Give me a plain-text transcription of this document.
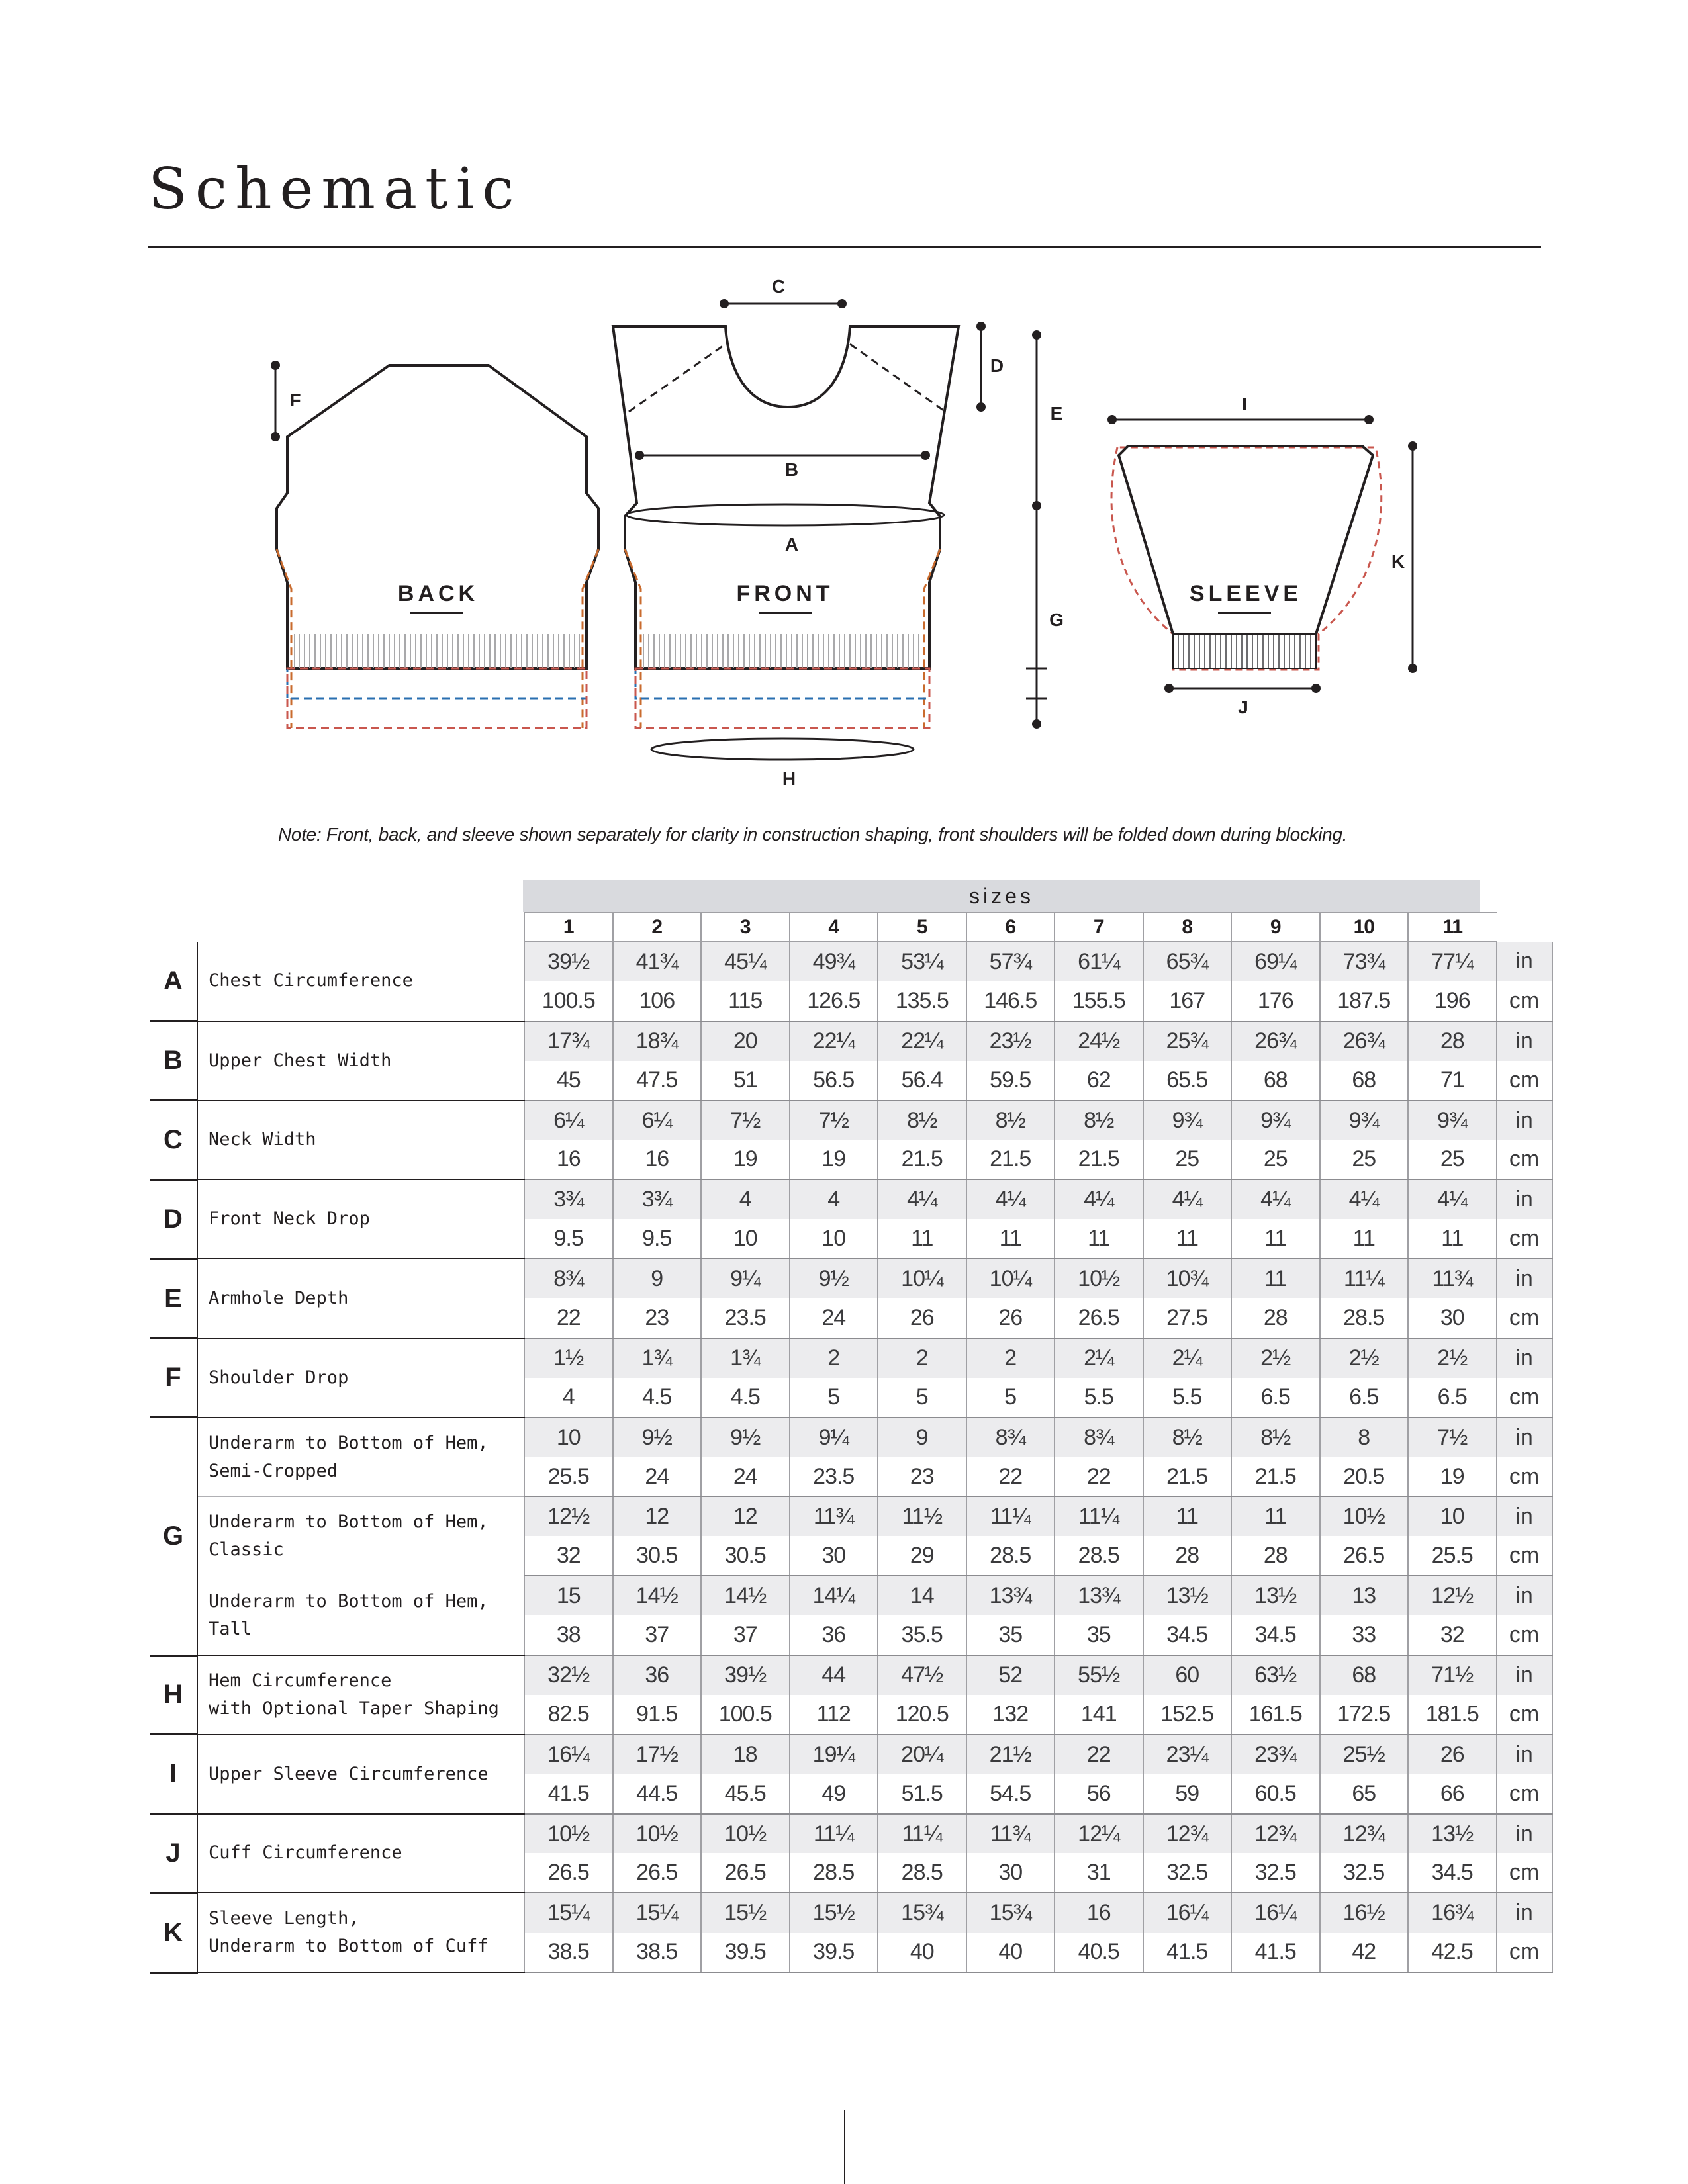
Schematic
BACK
F
FRONT
C
D
B
A
H
E
G
SLEEVE
I
J
K
Note: Front, back, and sleeve shown separately for clarity in construction shaping, front shoulders will be folded down during blocking.
sizes
		1	2	3	4	5	6	7	8	9	10	11	
A	Chest Circumference	39½	41¾	45¼	49¾	53¼	57¾	61¼	65¾	69¼	73¾	77¼	in
		100.5	106	115	126.5	135.5	146.5	155.5	167	176	187.5	196	cm
B	Upper Chest Width	17¾	18¾	20	22¼	22¼	23½	24½	25¾	26¾	26¾	28	in
		45	47.5	51	56.5	56.4	59.5	62	65.5	68	68	71	cm
C	Neck Width	6¼	6¼	7½	7½	8½	8½	8½	9¾	9¾	9¾	9¾	in
		16	16	19	19	21.5	21.5	21.5	25	25	25	25	cm
D	Front Neck Drop	3¾	3¾	4	4	4¼	4¼	4¼	4¼	4¼	4¼	4¼	in
		9.5	9.5	10	10	11	11	11	11	11	11	11	cm
E	Armhole Depth	8¾	9	9¼	9½	10¼	10¼	10½	10¾	11	11¼	11¾	in
		22	23	23.5	24	26	26	26.5	27.5	28	28.5	30	cm
F	Shoulder Drop	1½	1¾	1¾	2	2	2	2¼	2¼	2½	2½	2½	in
		4	4.5	4.5	5	5	5	5.5	5.5	6.5	6.5	6.5	cm
G	Underarm to Bottom of Hem,
Semi-Cropped	10	9½	9½	9¼	9	8¾	8¾	8½	8½	8	7½	in
		25.5	24	24	23.5	23	22	22	21.5	21.5	20.5	19	cm
	Underarm to Bottom of Hem,
Classic	12½	12	12	11¾	11½	11¼	11¼	11	11	10½	10	in
		32	30.5	30.5	30	29	28.5	28.5	28	28	26.5	25.5	cm
	Underarm to Bottom of Hem,
Tall	15	14½	14½	14¼	14	13¾	13¾	13½	13½	13	12½	in
		38	37	37	36	35.5	35	35	34.5	34.5	33	32	cm
H	Hem Circumference
with Optional Taper Shaping	32½	36	39½	44	47½	52	55½	60	63½	68	71½	in
		82.5	91.5	100.5	112	120.5	132	141	152.5	161.5	172.5	181.5	cm
I	Upper Sleeve Circumference	16¼	17½	18	19¼	20¼	21½	22	23¼	23¾	25½	26	in
		41.5	44.5	45.5	49	51.5	54.5	56	59	60.5	65	66	cm
J	Cuff Circumference	10½	10½	10½	11¼	11¼	11¾	12¼	12¾	12¾	12¾	13½	in
		26.5	26.5	26.5	28.5	28.5	30	31	32.5	32.5	32.5	34.5	cm
K	Sleeve Length,
Underarm to Bottom of Cuff	15¼	15¼	15½	15½	15¾	15¾	16	16¼	16¼	16½	16¾	in
		38.5	38.5	39.5	39.5	40	40	40.5	41.5	41.5	42	42.5	cm
